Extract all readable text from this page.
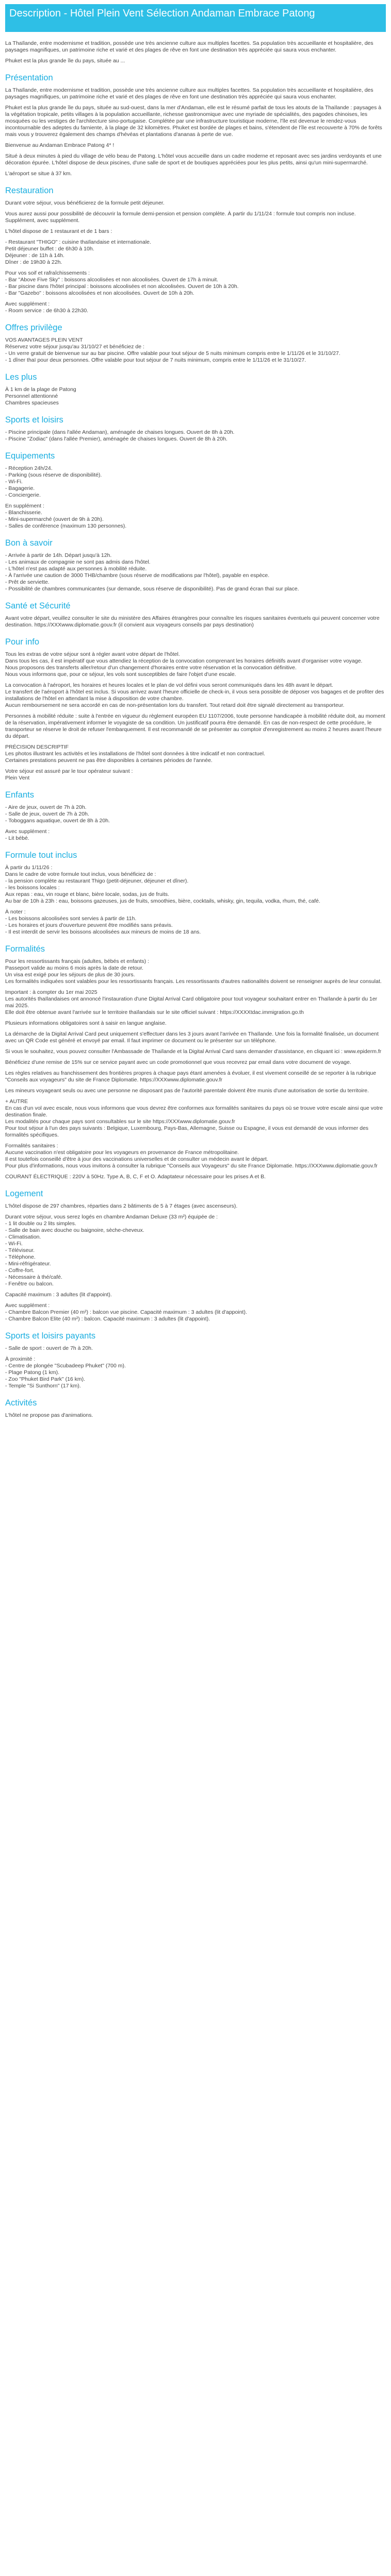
Description - Hôtel Plein Vent Sélection Andaman Embrace Patong

La Thaïlande, entre modernisme et tradition, possède une très ancienne culture aux multiples facettes. Sa population très accueillante et hospitalière, des paysages magnifiques, un patrimoine riche et varié et des plages de rêve en font une destination très appréciée qui saura vous enchanter.

Phuket est la plus grande île du pays, située au ...

Présentation
La Thaïlande, entre modernisme et tradition, possède une très ancienne culture aux multiples facettes. Sa population très accueillante et hospitalière, des paysages magnifiques, un patrimoine riche et varié et des plages de rêve en font une destination très appréciée qui saura vous enchanter.
Phuket est la plus grande île du pays, située au sud-ouest, dans la mer d'Andaman, elle est le résumé parfait de tous les atouts de la Thaïlande : paysages à la végétation tropicale, petits villages à la population accueillante, richesse gastronomique avec une myriade de spécialités, des pagodes chinoises, les mosquées ou les vestiges de l'architecture sino-portugaise. Complétée par une infrastructure touristique moderne, l'île est devenue le rendez-vous incontournable des adeptes du farniente, à la plage de 32 kilomètres. Phuket est bordée de plages et bains, s'étendent de l'île est recouverte à 70% de forêts mais vous y trouverez également des champs d'hévéas et plantations d'ananas à perte de vue.
Bienvenue au Andaman Embrace Patong 4* !
Situé à deux minutes à pied du village de vélo beau de Patong. L'hôtel vous accueille dans un cadre moderne et reposant avec ses jardins verdoyants et une décoration épurée. L'hôtel dispose de deux piscines, d'une salle de sport et de boutiques appréciées pour les plus petits, ainsi qu'un mini-supermarché.
L'aéroport se situe à 37 km.
Restauration
Durant votre séjour, vous bénéficierez de la formule petit déjeuner.
Vous aurez aussi pour possibilité de découvrir la formule demi-pension et pension complète. À partir du 1/11/24 : formule tout compris non incluse. Supplément, avec supplément.
L'hôtel dispose de 1 restaurant et de 1 bars :
- Restaurant "THIGO" : cuisine thaïlandaise et internationale.
Petit déjeuner buffet : de 6h30 à 10h.
Déjeuner : de 11h à 14h.
Dîner : de 19h30 à 22h.
Pour vos soif et rafraîchissements :
- Bar "Above Five Sky" : boissons alcoolisées et non alcoolisées. Ouvert de 17h à minuit.
- Bar piscine dans l'hôtel principal : boissons alcoolisées et non alcoolisées. Ouvert de 10h à 20h.
- Bar "Gazebo" : boissons alcoolisées et non alcoolisées. Ouvert de 10h à 20h.
Avec supplément :
- Room service : de 6h30 à 22h30.
Offres privilège
VOS AVANTAGES PLEIN VENT
Réservez votre séjour jusqu'au 31/10/27 et bénéficiez de :
- Un verre gratuit de bienvenue sur au bar piscine. Offre valable pour tout séjour de 5 nuits minimum compris entre le 1/11/26 et le 31/10/27.
- 1 dîner thaï pour deux personnes. Offre valable pour tout séjour de 7 nuits minimum, compris entre le 1/11/26 et le 31/10/27.
Les plus
À 1 km de la plage de Patong
Personnel attentionné
Chambres spacieuses
Sports et loisirs
- Piscine principale (dans l'allée Andaman), aménagée de chaises longues. Ouvert de 8h à 20h.
- Piscine "Zodiac" (dans l'allée Premier), aménagée de chaises longues. Ouvert de 8h à 20h.
Equipements
- Réception 24h/24.
- Parking (sous réserve de disponibilité).
- Wi-Fi.
- Bagagerie.
- Conciergerie.
En supplément :
- Blanchisserie.
- Mini-supermarché (ouvert de 9h à 20h).
- Salles de conférence (maximum 130 personnes).
Bon à savoir
- Arrivée à partir de 14h. Départ jusqu'à 12h.
- Les animaux de compagnie ne sont pas admis dans l'hôtel.
- L'hôtel n'est pas adapté aux personnes à mobilité réduite.
- À l'arrivée une caution de 3000 THB/chambre (sous réserve de modifications par l'hôtel), payable en espèce.
- Prêt de serviette.
- Possibilité de chambres communicantes (sur demande, sous réserve de disponibilité). Pas de grand écran thaï sur place.
Santé et Sécurité
Avant votre départ, veuillez consulter le site du ministère des Affaires étrangères pour connaître les risques sanitaires éventuels qui peuvent concerner votre destination. https://XXXwww.diplomatie.gouv.fr (il convient aux voyageurs conseils par pays destination)
Pour info
Tous les extras de votre séjour sont à régler avant votre départ de l'hôtel.
Dans tous les cas, il est impératif que vous attendiez la réception de la convocation comprenant les horaires définitifs avant d'organiser votre voyage.
Nous proposons des transferts aller/retour d'un changement d'horaires entre votre réservation et la convocation définitive.
Nous vous informons que, pour ce séjour, les vols sont susceptibles de faire l'objet d'une escale.
La convocation à l'aéroport, les horaires et heures locales et le plan de vol défini vous seront communiqués dans les 48h avant le départ.
Le transfert de l'aéroport à l'hôtel est inclus. Si vous arrivez avant l'heure officielle de check-in, il vous sera possible de déposer vos bagages et de profiter des installations de l'hôtel en attendant la mise à disposition de votre chambre.
Aucun remboursement ne sera accordé en cas de non-présentation lors du transfert. Tout retard doit être signalé directement au transporteur.
Personnes à mobilité réduite : suite à l'entrée en vigueur du règlement européen EU 1107/2006, toute personne handicapée à mobilité réduite doit, au moment de la réservation, impérativement informer le voyagiste de sa condition. Un justificatif pourra être demandé. En cas de non-respect de cette procédure, le transporteur se réserve le droit de refuser l'embarquement. Il est recommandé de se présenter au comptoir d'enregistrement au moins 2 heures avant l'heure du départ.
PRÉCISION DESCRIPTIF
Les photos illustrant les activités et les installations de l'hôtel sont données à titre indicatif et non contractuel.
Certaines prestations peuvent ne pas être disponibles à certaines périodes de l'année.
Votre séjour est assuré par le tour opérateur suivant :
Plein Vent
Enfants
- Aire de jeux, ouvert de 7h à 20h.
- Salle de jeux, ouvert de 7h à 20h.
- Toboggans aquatique, ouvert de 8h à 20h.
Avec supplément :
- Lit bébé.
Formule tout inclus
À partir du 1/11/26 :
Dans le cadre de votre formule tout inclus, vous bénéficiez de :
- la pension complète au restaurant Thigo (petit-déjeuner, déjeuner et dîner).
- les boissons locales :
Aux repas : eau, vin rouge et blanc, bière locale, sodas, jus de fruits.
Au bar de 10h à 23h : eau, boissons gazeuses, jus de fruits, smoothies, bière, cocktails, whisky, gin, tequila, vodka, rhum, thé, café.
À noter :
- Les boissons alcoolisées sont servies à partir de 11h.
- Les horaires et jours d'ouverture peuvent être modifiés sans préavis.
- Il est interdit de servir les boissons alcoolisées aux mineurs de moins de 18 ans.
Formalités
Pour les ressortissants français (adultes, bébés et enfants) :
Passeport valide au moins 6 mois après la date de retour.
Un visa est exigé pour les séjours de plus de 30 jours.
Les formalités indiquées sont valables pour les ressortissants français. Les ressortissants d'autres nationalités doivent se renseigner auprès de leur consulat.
Important : à compter du 1er mai 2025
Les autorités thaïlandaises ont annoncé l'instauration d'une Digital Arrival Card obligatoire pour tout voyageur souhaitant entrer en Thaïlande à partir du 1er mai 2025.
Elle doit être obtenue avant l'arrivée sur le territoire thaïlandais sur le site officiel suivant : https://XXXXtdac.immigration.go.th
Plusieurs informations obligatoires sont à saisir en langue anglaise.
La démarche de la Digital Arrival Card peut uniquement s'effectuer dans les 3 jours avant l'arrivée en Thaïlande. Une fois la formalité finalisée, un document avec un QR Code est généré et envoyé par email. Il faut imprimer ce document ou le présenter sur un téléphone.
Si vous le souhaitez, vous pouvez consulter l'Ambassade de Thaïlande et la Digital Arrival Card sans demander d'assistance, en cliquant ici : www.epiderm.fr
Bénéficiez d'une remise de 15% sur ce service payant avec un code promotionnel que vous recevrez par email dans votre document de voyage.
Les règles relatives au franchissement des frontières propres à chaque pays étant amenées à évoluer, il est vivement conseillé de se reporter à la rubrique "Conseils aux voyageurs" du site de France Diplomatie. https://XXXwww.diplomatie.gouv.fr
Les mineurs voyageant seuls ou avec une personne ne disposant pas de l'autorité parentale doivent être munis d'une autorisation de sortie du territoire.
+ AUTRE
En cas d'un vol avec escale, nous vous informons que vous devrez être conformes aux formalités sanitaires du pays où se trouve votre escale ainsi que votre destination finale.
Les modalités pour chaque pays sont consultables sur le site https://XXXwww.diplomatie.gouv.fr
Pour tout séjour à l'un des pays suivants : Belgique, Luxembourg, Pays-Bas, Allemagne, Suisse ou Espagne, il vous est demandé de vous informer des formalités spécifiques.
Formalités sanitaires :
Aucune vaccination n'est obligatoire pour les voyageurs en provenance de France métropolitaine.
Il est toutefois conseillé d'être à jour des vaccinations universelles et de consulter un médecin avant le départ.
Pour plus d'informations, nous vous invitons à consulter la rubrique "Conseils aux Voyageurs" du site France Diplomatie. https://XXXwww.diplomatie.gouv.fr
COURANT ÉLECTRIQUE : 220V à 50Hz. Type A, B, C, F et O. Adaptateur nécessaire pour les prises A et B.
Logement
L'hôtel dispose de 297 chambres, réparties dans 2 bâtiments de 5 à 7 étages (avec ascenseurs).
Durant votre séjour, vous serez logés en chambre Andaman Deluxe (33 m²) équipée de :
- 1 lit double ou 2 lits simples.
- Salle de bain avec douche ou baignoire, sèche-cheveux.
- Climatisation.
- Wi-Fi.
- Téléviseur.
- Téléphone.
- Mini-réfrigérateur.
- Coffre-fort.
- Nécessaire à thé/café.
- Fenêtre ou balcon.
Capacité maximum : 3 adultes (lit d'appoint).
Avec supplément :
- Chambre Balcon Premier (40 m²) : balcon vue piscine. Capacité maximum : 3 adultes (lit d'appoint).
- Chambre Balcon Elite (40 m²) : balcon. Capacité maximum : 3 adultes (lit d'appoint).
Sports et loisirs payants
- Salle de sport : ouvert de 7h à 20h.
À proximité :
- Centre de plongée "Scubadeep Phuket" (700 m).
- Plage Patong (1 km).
- Zoo "Phuket Bird Park" (16 km).
- Temple "Si Sunthorn" (17 km).
Activités
L'hôtel ne propose pas d'animations.
